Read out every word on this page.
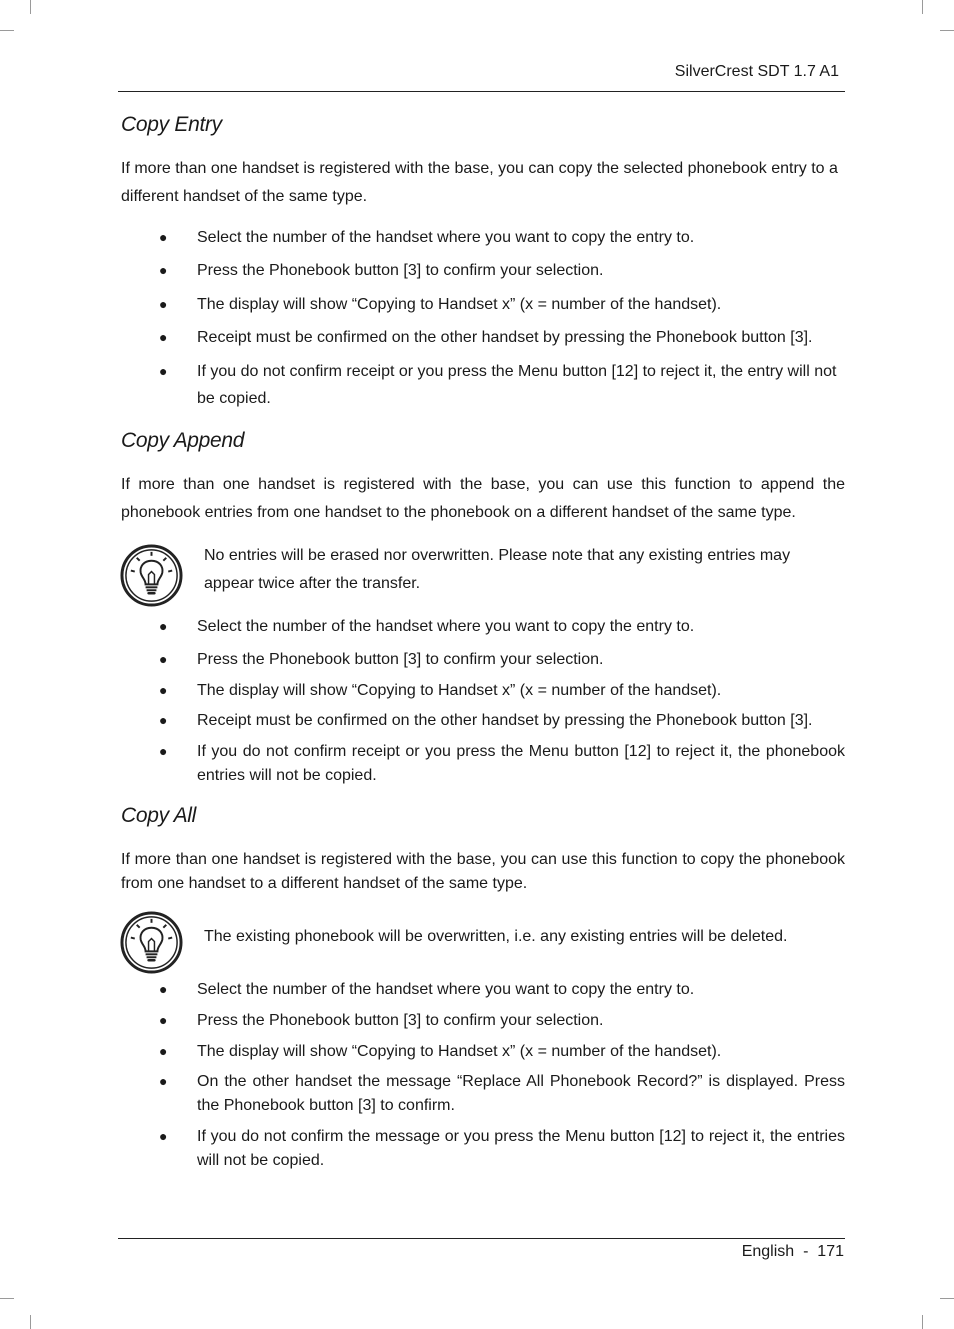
SilverCrest SDT 1.7 A1
Copy Entry
If more than one handset is registered with the base, you can copy the selected phonebook entry to a different handset of the same type.
● Select the number of the handset where you want to copy the entry to.
● Press the Phonebook button [3] to confirm your selection.
● The display will show “Copying to Handset x” (x = number of the handset).
● Receipt must be confirmed on the other handset by pressing the Phonebook button [3].
● If you do not confirm receipt or you press the Menu button [12] to reject it, the entry will not be copied.
Copy Append
If more than one handset is registered with the base, you can use this function to append the phonebook entries from one handset to the phonebook on a different handset of the same type.
No entries will be erased nor overwritten. Please note that any existing entries may appear twice after the transfer.
● Select the number of the handset where you want to copy the entry to.
● Press the Phonebook button [3] to confirm your selection.
● The display will show “Copying to Handset x” (x = number of the handset).
● Receipt must be confirmed on the other handset by pressing the Phonebook button [3].
● If you do not confirm receipt or you press the Menu button [12] to reject it, the phonebook entries will not be copied.
Copy All
If more than one handset is registered with the base, you can use this function to copy the phonebook from one handset to a different handset of the same type.
The existing phonebook will be overwritten, i.e. any existing entries will be deleted.
● Select the number of the handset where you want to copy the entry to.
● Press the Phonebook button [3] to confirm your selection.
● The display will show “Copying to Handset x” (x = number of the handset).
● On the other handset the message “Replace All Phonebook Record?” is displayed. Press the Phonebook button [3] to confirm.
● If you do not confirm the message or you press the Menu button [12] to reject it, the entries will not be copied.
English - 171
